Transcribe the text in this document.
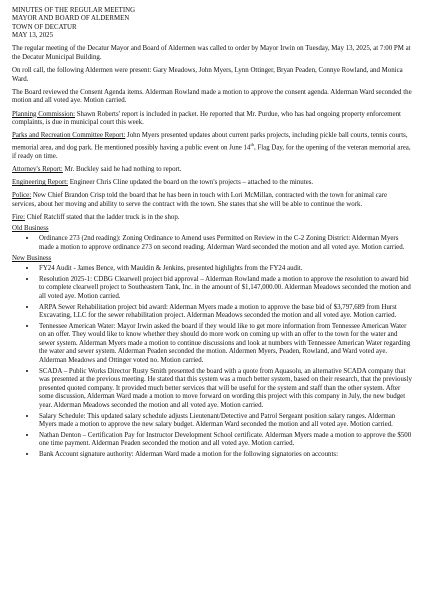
MINUTES OF THE REGULAR MEETING
MAYOR AND BOARD OF ALDERMEN
TOWN OF DECATUR
MAY 13, 2025

The regular meeting of the Decatur Mayor and Board of Aldermen was called to order by Mayor Irwin on Tuesday, May 13, 2025, at 7:00 PM at the Decatur Municipal Building.

On roll call, the following Aldermen were present: Gary Meadows, John Myers, Lynn Ottinger, Bryan Peaden, Connye Rowland, and Monica Ward.

The Board reviewed the Consent Agenda items. Alderman Rowland made a motion to approve the consent agenda. Alderman Ward seconded the motion and all voted aye. Motion carried.

Planning Commission: Shawn Roberts' report is included in packet. He reported that Mr. Purdue, who has had ongoing property enforcement complaints, is due in municipal court this week.

Parks and Recreation Committee Report: John Myers presented updates about current parks projects, including pickle ball courts, tennis courts, memorial area, and dog park. He mentioned possibly having a public event on June 14th, Flag Day, for the opening of the veteran memorial area, if ready on time.

Attorney's Report: Mr. Buckley said he had nothing to report.

Engineering Report: Engineer Chris Cline updated the board on the town's projects – attached to the minutes.

Police: New Chief Brandon Crisp told the board that he has been in touch with Lori McMillan, contracted with the town for animal care services, about her moving and ability to serve the contract with the town. She states that she will be able to continue the work.

Fire: Chief Ratcliff stated that the ladder truck is in the shop.

Old Business
• Ordinance 273 (2nd reading): Zoning Ordinance to Amend uses Permitted on Review in the C-2 Zoning District: Alderman Myers made a motion to approve ordinance 273 on second reading. Alderman Ward seconded the motion and all voted aye. Motion carried.
New Business
• FY24 Audit - James Bence, with Mauldin & Jenkins, presented highlights from the FY24 audit.
• Resolution 2025-1: CDBG Clearwell project bid approval – Alderman Rowland made a motion to approve the resolution to award bid to complete clearwell project to Southeastern Tank, Inc. in the amount of $1,147,000.00. Alderman Meadows seconded the motion and all voted aye. Motion carried.
• ARPA Sewer Rehabilitation project bid award: Alderman Myers made a motion to approve the base bid of $3,797,689 from Hurst Excavating, LLC for the sewer rehabilitation project. Alderman Meadows seconded the motion and all voted aye. Motion carried.
• Tennessee American Water: Mayor Irwin asked the board if they would like to get more information from Tennessee American Water on an offer. They would like to know whether they should do more work on coming up with an offer to the town for the water and sewer system. Alderman Myers made a motion to continue discussions and look at numbers with Tennessee American Water regarding the water and sewer system. Alderman Peaden seconded the motion. Aldermen Myers, Peaden, Rowland, and Ward voted aye. Alderman Meadows and Ottinger voted no. Motion carried.
• SCADA – Public Works Director Rusty Smith presented the board with a quote from Aquasolu, an alternative SCADA company that was presented at the previous meeting. He stated that this system was a much better system, based on their research, that the previously presented quoted company. It provided much better services that will be useful for the system and staff than the other system. After some discussion, Alderman Ward made a motion to move forward on wording this project with this company in July, the new budget year. Alderman Meadows seconded the motion and all voted aye. Motion carried.
• Salary Schedule: This updated salary schedule adjusts Lieutenant/Detective and Patrol Sergeant position salary ranges. Alderman Myers made a motion to approve the new salary budget. Alderman Ward seconded the motion and all voted aye. Motion carried.
• Nathan Denton – Certification Pay for Instructor Development School certificate. Alderman Myers made a motion to approve the $500 one time payment. Alderman Peaden seconded the motion and all voted aye. Motion carried.
• Bank Account signature authority: Alderman Ward made a motion for the following signatories on accounts:
